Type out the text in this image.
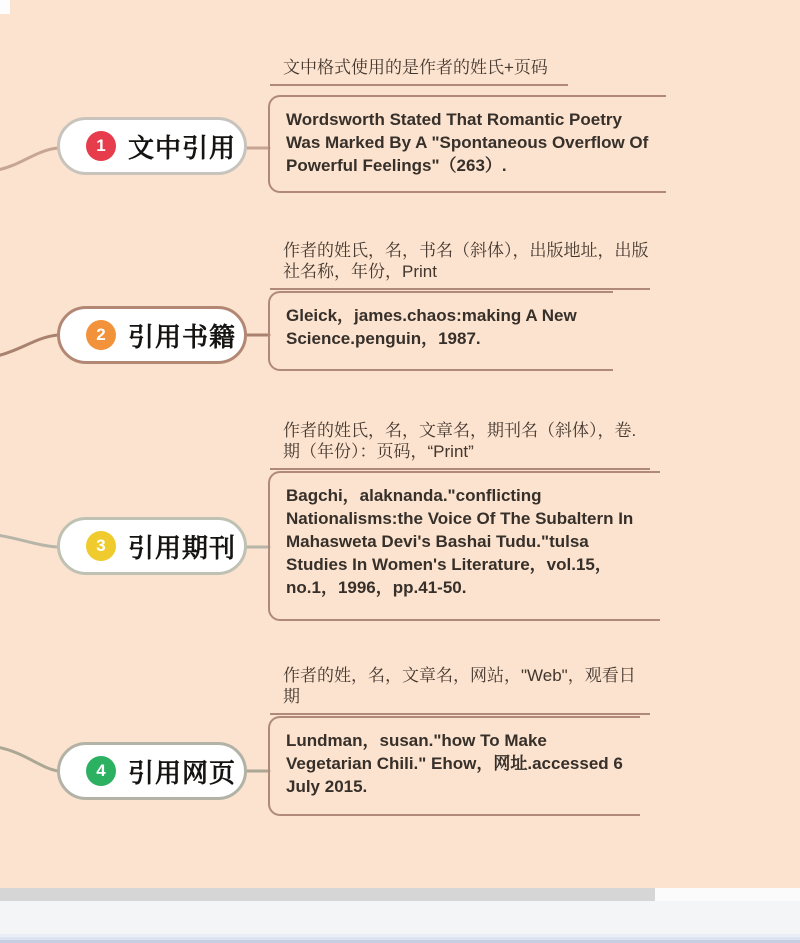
1 文中引用
文中格式使用的是作者的姓氏+页码
Wordsworth Stated That Romantic Poetry Was Marked By A "Spontaneous Overflow Of Powerful Feelings"（263）.
2 引用书籍
作者的姓氏，名，书名（斜体），出版地址，出版社名称，年份，Print
Gleick，james.chaos:making A New Science.penguin，1987.
3 引用期刊
作者的姓氏，名，文章名，期刊名（斜体），卷.期（年份）：页码，“Print”
Bagchi，alaknanda."conflicting Nationalisms:the Voice Of The Subaltern In Mahasweta Devi's Bashai Tudu."tulsa Studies In Women's Literature，vol.15，no.1，1996，pp.41-50.
4 引用网页
作者的姓，名，文章名，网站，"Web"，观看日期
Lundman，susan."how To Make Vegetarian Chili." Ehow，网址.accessed 6 July 2015.
